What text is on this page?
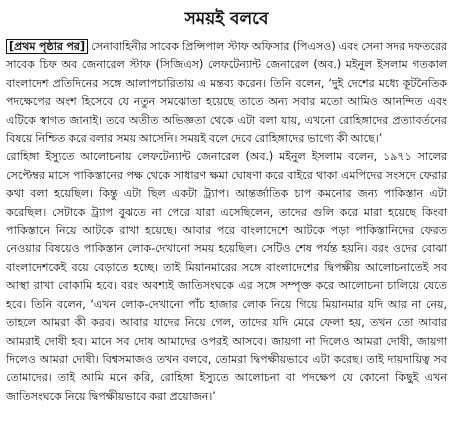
সময়ই বলবে
[প্রথম পৃষ্ঠার পর] সেনাবাহিনীর সাবেক প্রিন্সিপাল স্টাফ অফিসার (পিএসও) এবং সেনা সদর দফতরের সাবেক চিফ অব জেনারেল স্টাফ (সিজিএস) লেফটেন্যান্ট জেনারেল (অব.) মইনুল ইসলাম গতকাল বাংলাদেশ প্রতিদিনের সঙ্গে আলাপচারিতায় এ মন্তব্য করেন। তিনি বলেন, ‘দুই দেশের মধ্যে কূটনৈতিক পদক্ষেপের অংশ হিসেবে যে নতুন সমঝোতা হয়েছে তাতে অন্য সবার মতো আমিও আনন্দিত এবং এটিকে স্বাগত জানাই। তবে অতীত অভিজ্ঞতা থেকে এটা বলা যায়, এখনো রোহিঙ্গাদের প্রত্যাবর্তনের বিষয়ে নিশ্চিত করে বলার সময় আসেনি। সময়ই বলে দেবে রোহিঙ্গাদের ভাগ্যে কী আছে।’
রোহিঙ্গা ইস্যুতে আলোচনায় লেফটেন্যান্ট জেনারেল (অব.) মইনুল ইসলাম বলেন, ১৯৭১ সালের সেপ্টেম্বর মাসে পাকিস্তানের পক্ষ থেকে সাধারণ ক্ষমা ঘোষণা করে বাইরে থাকা এমপিদের সংসদে ফেরার কথা বলা হয়েছিল। কিন্তু এটা ছিল একটা ট্র্যাপ। আন্তর্জাতিক চাপ কমনোর জন্য পাকিস্তান এটা করেছিল। সেটাকে ট্র্যাপ বুঝতে না পেরে যারা এসেছিলেন, তাদের গুলি করে মারা হয়েছে কিংবা পাকিস্তানে নিয়ে আটকে রাখা হয়েছে। আবার পরে বাংলাদেশে আটকে পড়া পাকিস্তানিদের ফেরত নেওয়ার বিষয়েও পাকিস্তান লোক-দেখানো সময় হয়েছিল। সেটিও শেষ পর্যন্ত হয়নি। বরং ওদের বোঝা বাংলাদেশকেই বয়ে বেড়াতে হচ্ছে। তাই মিয়ানমারের সঙ্গে বাংলাদেশের দ্বিপক্ষীয় আলোচনাতেই সব আস্থা রাখা বোকামি হবে। বরং অবশ্যই জাতিসংঘকে এর সঙ্গে সম্পৃক্ত করে আলোচনা চালিয়ে যেতে হবে। তিনি বলেন, ‘এখন লোক-দেখানো পাঁচ হাজার লোক নিয়ে গিয়ে মিয়ানমার যদি আর না নেয়, তাহলে আমরা কী করব। আবার যাদের নিয়ে গেল, তাদের যদি মেরে ফেলা হয়, তখন তো আবার আমরাই দোষী হব। মানে সব দোষ আমাদের ওপরই আসবে। জায়গা না দিলেও আমরা দোষী, জায়গা দিলেও আমরা দোষী। বিশ্বসমাজও তখন বলবে, তোমরা দ্বিপক্ষীয়ভাবে এটা করেছ। তাই দায়দায়িত্ব সব তোমাদের। তাই আমি মনে করি, রোহিঙ্গা ইস্যুতে আলোচনা বা পদক্ষেপ যে কোনো কিছুই এখন জাতিসংঘকে নিয়ে দ্বিপক্ষীয়ভাবে করা প্রয়োজন।’
